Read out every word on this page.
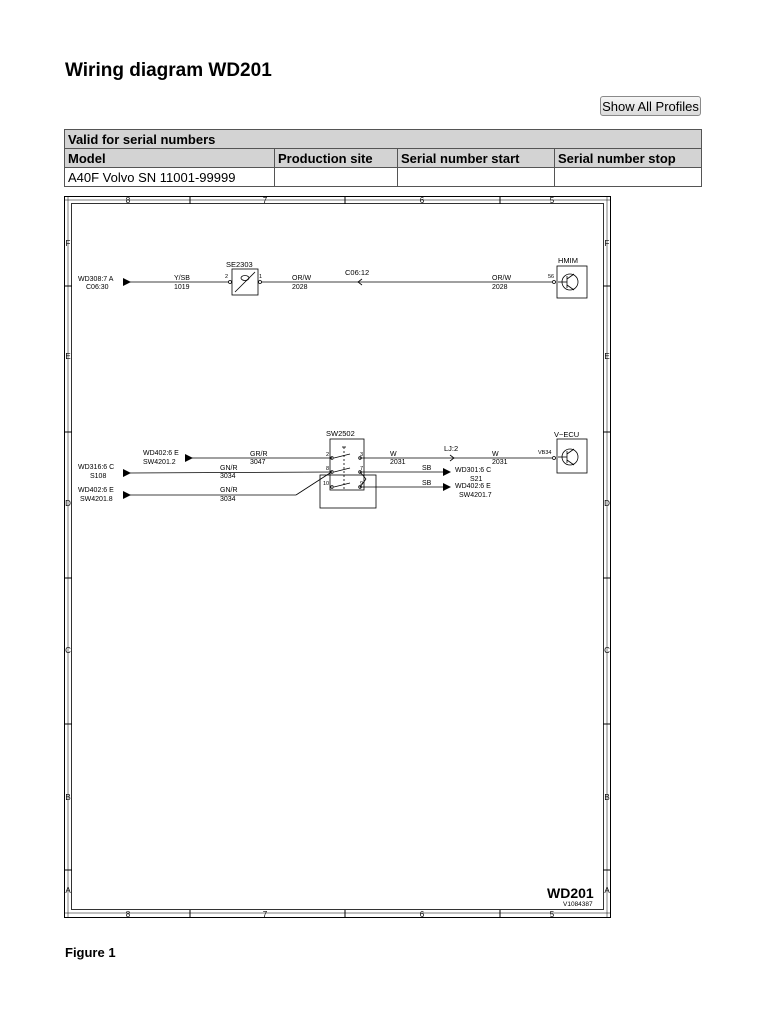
Wiring diagram WD201
Show All Profiles
Valid for serial numbers			
Model	Production site	Serial number start	Serial number stop
A40F Volvo SN 11001-99999			
8	7	6	5
8	7	6	5
F
E
D
C
B
A
F
E
D
C
B
A
WD308:7 A
C06:30
Y/SB
1019
SE2303
2	1	OR/W
2028
C06:12
OR/W
2028
56
HMIM
SW2502
2	3
8	7
10	9
WD402:6 E
SW4201.2
WD316:6 C
S108
WD402:6 E
SW4201.8
GR/R
3047
GN/R
3034
GN/R
3034
W
2031
LJ:2
W
2031
SB
SB
WD301:6 C
S21
WD402:6 E
SW4201.7
VB34
V−ECU
WD201
V1084387
Figure 1
